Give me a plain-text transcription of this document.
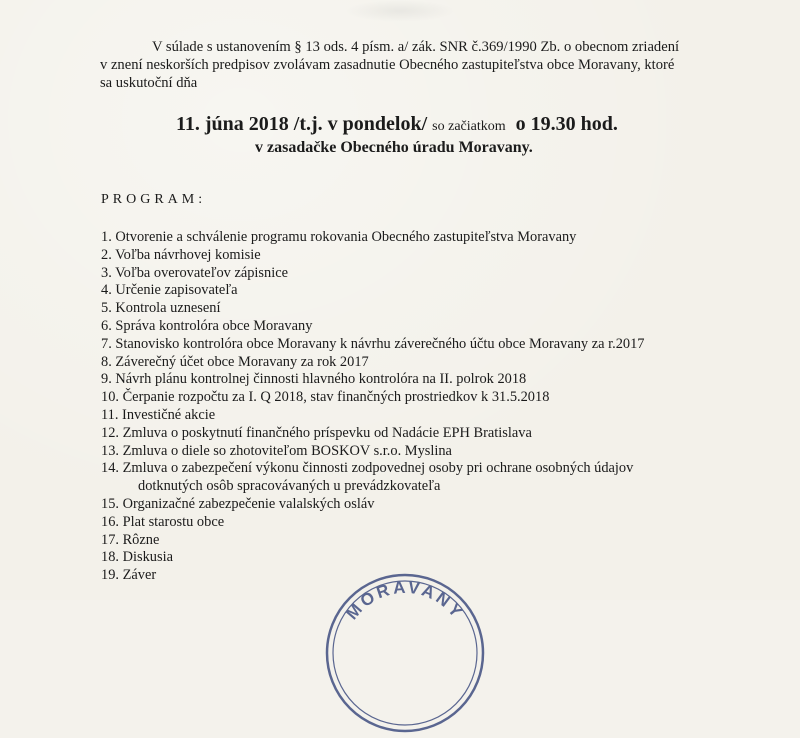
V súlade s ustanovením § 13 ods. 4 písm. a/ zák. SNR č.369/1990 Zb. o obecnom zriadení
v znení neskorších predpisov zvolávam zasadnutie Obecného zastupiteľstva obce Moravany, ktoré
sa uskutoční dňa
11. júna 2018 /t.j. v pondelok/ so začiatkom o 19.30 hod.
v zasadačke Obecného úradu Moravany.
PROGRAM:
1. Otvorenie a schválenie programu rokovania Obecného zastupiteľstva Moravany
2. Voľba návrhovej komisie
3. Voľba overovateľov zápisnice
4. Určenie zapisovateľa
5. Kontrola uznesení
6. Správa kontrolóra obce Moravany
7. Stanovisko kontrolóra obce Moravany k návrhu záverečného účtu obce Moravany za r.2017
8. Záverečný účet obce Moravany za rok 2017
9. Návrh plánu kontrolnej činnosti hlavného kontrolóra na II. polrok 2018
10. Čerpanie rozpočtu za I. Q 2018, stav finančných prostriedkov k 31.5.2018
11. Investičné akcie
12. Zmluva o poskytnutí finančného príspevku od Nadácie EPH Bratislava
13. Zmluva o diele so zhotoviteľom BOSKOV s.r.o. Myslina
14. Zmluva o zabezpečení výkonu činnosti zodpovednej osoby pri ochrane osobných údajov
dotknutých osôb spracovávaných u prevádzkovateľa
15. Organizačné zabezpečenie valalských osláv
16. Plat starostu obce
17. Rôzne
18. Diskusia
19. Záver
MORAVANY
